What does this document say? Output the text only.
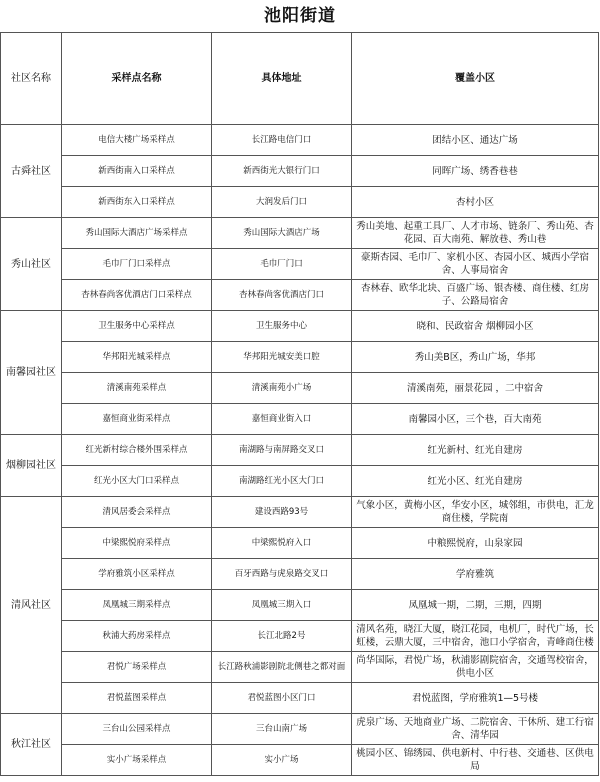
池阳街道
社区名称	采样点名称	具体地址	覆盖小区
古舜社区	电信大楼广场采样点	长江路电信门口	团结小区、通达广场
	新西街南入口采样点	新西街光大银行门口	同晖广场、绣香巷巷
	新西街东入口采样点	大润发后门口	杏村小区
秀山社区	秀山国际大酒店广场采样点	秀山国际大酒店广场	秀山美地、起重工具厂、人才市场、链条厂、秀山苑、杏花园、百大南苑、解放巷、秀山巷
	毛巾厂门口采样点	毛巾厂门口	豪斯杏园、毛巾厂、家机小区、杏园小区、城西小学宿舍、人事局宿舍
	杏林春尚客优酒店门口采样点	杏林春尚客优酒店门口	杏林春、欧华北块、百盛广场、银杏楼、商住楼、红房子、公路局宿舍
南馨园社区	卫生服务中心采样点	卫生服务中心	晓和、民政宿舍 烟柳园小区
	华邦阳光城采样点	华邦阳光城安美口腔	秀山美B区，秀山广场，华邦
	清溪南苑采样点	清溪南苑小广场	清溪南苑，丽景花园 ，二中宿舍
	嘉恒商业街采样点	嘉恒商业街入口	南馨园小区，三个巷，百大南苑
烟柳园社区	红光新村综合楼外围采样点	南湖路与南屏路交叉口	红光新村、红光自建房
	红光小区大门口采样点	南湖路红光小区大门口	红光小区、红光自建房
清风社区	清风居委会采样点	建设西路93号	气象小区，黄梅小区，华安小区，城邻组，市供电，汇龙商住楼，学院南
	中梁熙悦府采样点	中梁熙悦府入口	中粮熙悦府，山泉家园
	学府雅筑小区采样点	百牙西路与虎泉路交叉口	学府雅筑
	凤凰城三期采样点	凤凰城三期入口	凤凰城一期，二期，三期，四期
	秋浦大药房采样点	长江北路2号	清风名苑，晓江大厦，晓江花园，电机厂，时代广场，长虹楼，云鼎大厦，三中宿舍，池口小学宿舍，青峰商住楼
	君悦广场采样点	长江路秋浦影剧院北侧巷之都对面	尚华国际，君悦广场，秋浦影剧院宿舍，交通驾校宿舍，供电小区
	君悦蓝图采样点	君悦蓝图小区门口	君悦蓝图，学府雅筑1—5号楼
秋江社区	三台山公园采样点	三台山南广场	虎泉广场、天地商业广场、二院宿舍、干休所、建工行宿舍、清华园
	实小广场采样点	实小广场	桃园小区、锦绣园、供电新村、中行巷、交通巷、区供电局
